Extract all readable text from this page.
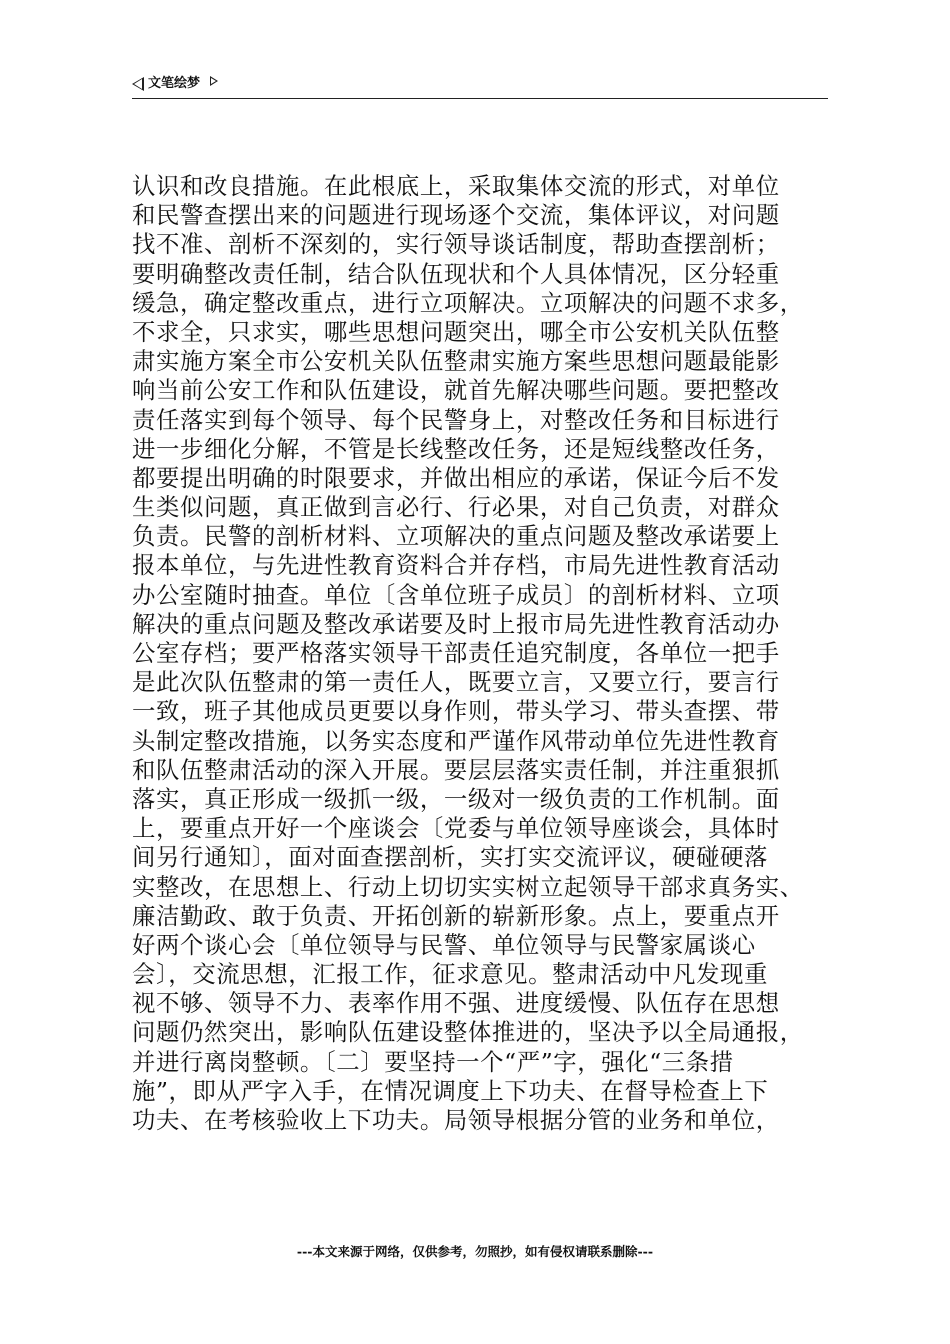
文笔绘梦
认识和改良措施。在此根底上，采取集体交流的形式，对单位
和民警查摆出来的问题进行现场逐个交流，集体评议，对问题
找不准、剖析不深刻的，实行领导谈话制度，帮助查摆剖析；
要明确整改责任制，结合队伍现状和个人具体情况，区分轻重
缓急，确定整改重点，进行立项解决。立项解决的问题不求多，
不求全，只求实，哪些思想问题突出，哪全市公安机关队伍整
肃实施方案全市公安机关队伍整肃实施方案些思想问题最能影
响当前公安工作和队伍建设，就首先解决哪些问题。要把整改
责任落实到每个领导、每个民警身上，对整改任务和目标进行
进一步细化分解，不管是长线整改任务，还是短线整改任务，
都要提出明确的时限要求，并做出相应的承诺，保证今后不发
生类似问题，真正做到言必行、行必果，对自己负责，对群众
负责。民警的剖析材料、立项解决的重点问题及整改承诺要上
报本单位，与先进性教育资料合并存档，市局先进性教育活动
办公室随时抽查。单位〔含单位班子成员〕的剖析材料、立项
解决的重点问题及整改承诺要及时上报市局先进性教育活动办
公室存档；要严格落实领导干部责任追究制度，各单位一把手
是此次队伍整肃的第一责任人，既要立言，又要立行，要言行
一致，班子其他成员更要以身作则，带头学习、带头查摆、带
头制定整改措施，以务实态度和严谨作风带动单位先进性教育
和队伍整肃活动的深入开展。要层层落实责任制，并注重狠抓
落实，真正形成一级抓一级，一级对一级负责的工作机制。面
上，要重点开好一个座谈会〔党委与单位领导座谈会，具体时
间另行通知〕，面对面查摆剖析，实打实交流评议，硬碰硬落
实整改，在思想上、行动上切切实实树立起领导干部求真务实、
廉洁勤政、敢于负责、开拓创新的崭新形象。点上，要重点开
好两个谈心会〔单位领导与民警、单位领导与民警家属谈心
会〕，交流思想，汇报工作，征求意见。整肃活动中凡发现重
视不够、领导不力、表率作用不强、进度缓慢、队伍存在思想
问题仍然突出，影响队伍建设整体推进的，坚决予以全局通报，
并进行离岗整顿。〔二〕要坚持一个“严”字，强化“三条措
施”，即从严字入手，在情况调度上下功夫、在督导检查上下
功夫、在考核验收上下功夫。局领导根据分管的业务和单位，
---本文来源于网络，仅供参考，勿照抄，如有侵权请联系删除---
